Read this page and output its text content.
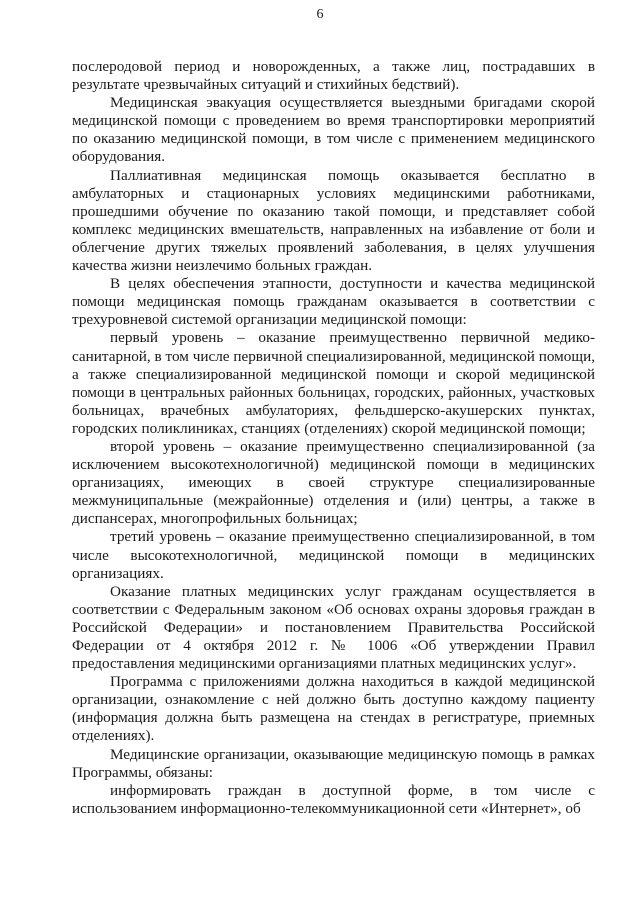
6

послеродовой период и новорожденных, а также лиц, пострадавших в результате чрезвычайных ситуаций и стихийных бедствий).

Медицинская эвакуация осуществляется выездными бригадами скорой медицинской помощи с проведением во время транспортировки мероприятий по оказанию медицинской помощи, в том числе с применением медицинского оборудования.

Паллиативная медицинская помощь оказывается бесплатно в амбулаторных и стационарных условиях медицинскими работниками, прошедшими обучение по оказанию такой помощи, и представляет собой комплекс медицинских вмешательств, направленных на избавление от боли и облегчение других тяжелых проявлений заболевания, в целях улучшения качества жизни неизлечимо больных граждан.

В целях обеспечения этапности, доступности и качества медицинской помощи медицинская помощь гражданам оказывается в соответствии с трехуровневой системой организации медицинской помощи:

первый уровень – оказание преимущественно первичной медико-санитарной, в том числе первичной специализированной, медицинской помощи, а также специализированной медицинской помощи и скорой медицинской помощи в центральных районных больницах, городских, районных, участковых больницах, врачебных амбулаториях, фельдшерско-акушерских пунктах, городских поликлиниках, станциях (отделениях) скорой медицинской помощи;

второй уровень – оказание преимущественно специализированной (за исключением высокотехнологичной) медицинской помощи в медицинских организациях, имеющих в своей структуре специализированные межмуниципальные (межрайонные) отделения и (или) центры, а также в диспансерах, многопрофильных больницах;

третий уровень – оказание преимущественно специализированной, в том числе высокотехнологичной, медицинской помощи в медицинских организациях.

Оказание платных медицинских услуг гражданам осуществляется в соответствии с Федеральным законом «Об основах охраны здоровья граждан в Российской Федерации» и постановлением Правительства Российской Федерации от 4 октября 2012 г. № 1006 «Об утверждении Правил предоставления медицинскими организациями платных медицинских услуг».

Программа с приложениями должна находиться в каждой медицинской организации, ознакомление с ней должно быть доступно каждому пациенту (информация должна быть размещена на стендах в регистратуре, приемных отделениях).

Медицинские организации, оказывающие медицинскую помощь в рамках Программы, обязаны:

информировать граждан в доступной форме, в том числе с использованием информационно-телекоммуникационной сети «Интернет», об
